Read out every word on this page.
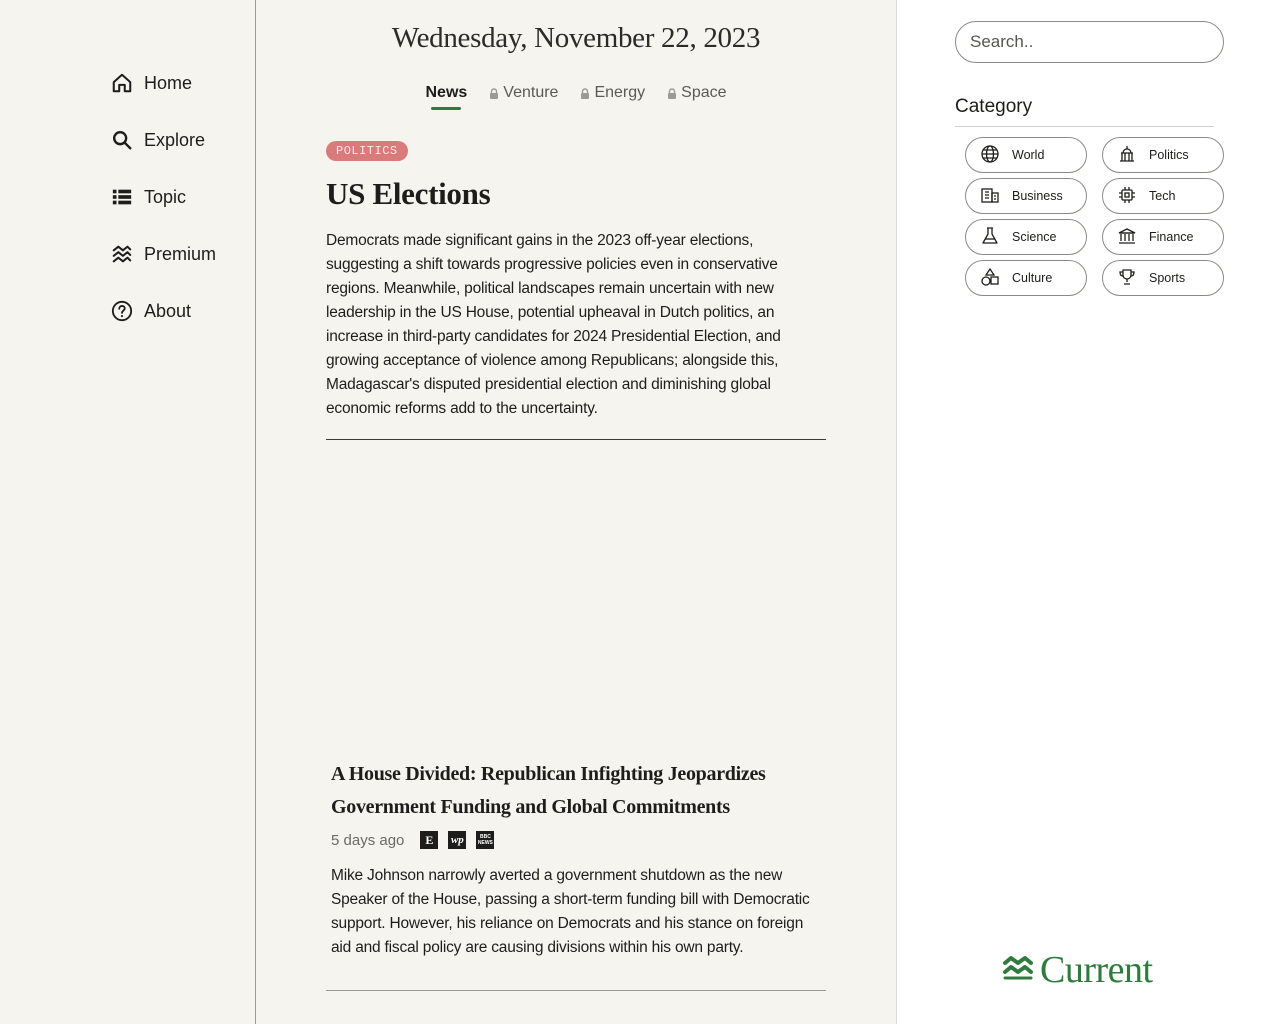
Home
Explore
Topic
Premium
About
Wednesday, November 22, 2023
News Venture Energy Space
POLITICS
US Elections

Democrats made significant gains in the 2023 off-year elections, suggesting a shift towards progressive policies even in conservative regions. Meanwhile, political landscapes remain uncertain with new leadership in the US House, potential upheaval in Dutch politics, an increase in third-party candidates for 2024 Presidential Election, and growing acceptance of violence among Republicans; alongside this, Madagascar's disputed presidential election and diminishing global economic reforms add to the uncertainty.

A House Divided: Republican Infighting Jeopardizes Government Funding and Global Commitments
5 days ago	E	wp	BBC NEWS

Mike Johnson narrowly averted a government shutdown as the new Speaker of the House, passing a short-term funding bill with Democratic support. However, his reliance on Democrats and his stance on foreign aid and fiscal policy are causing divisions within his own party.

Search..
Category
World	Politics
Business	Tech
Science	Finance
Culture	Sports
Current
